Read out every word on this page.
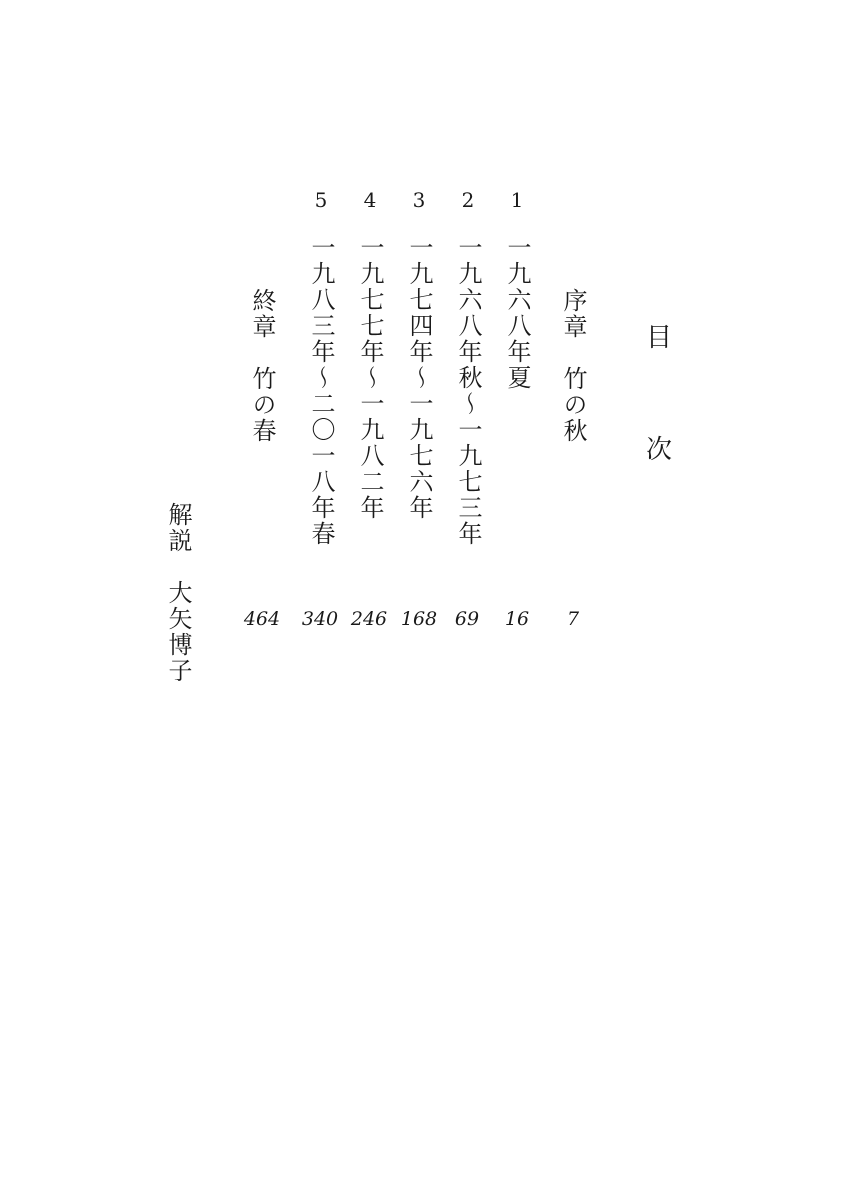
目
次
序章　竹の秋
7
1
一九六八年夏
16
2
一九六八年秋〜一九七三年
69
3
一九七四年〜一九七六年
168
4
一九七七年〜一九八二年
246
5
一九八三年〜二〇一八年春
340
終章　竹の春
464
解説　大矢博子
